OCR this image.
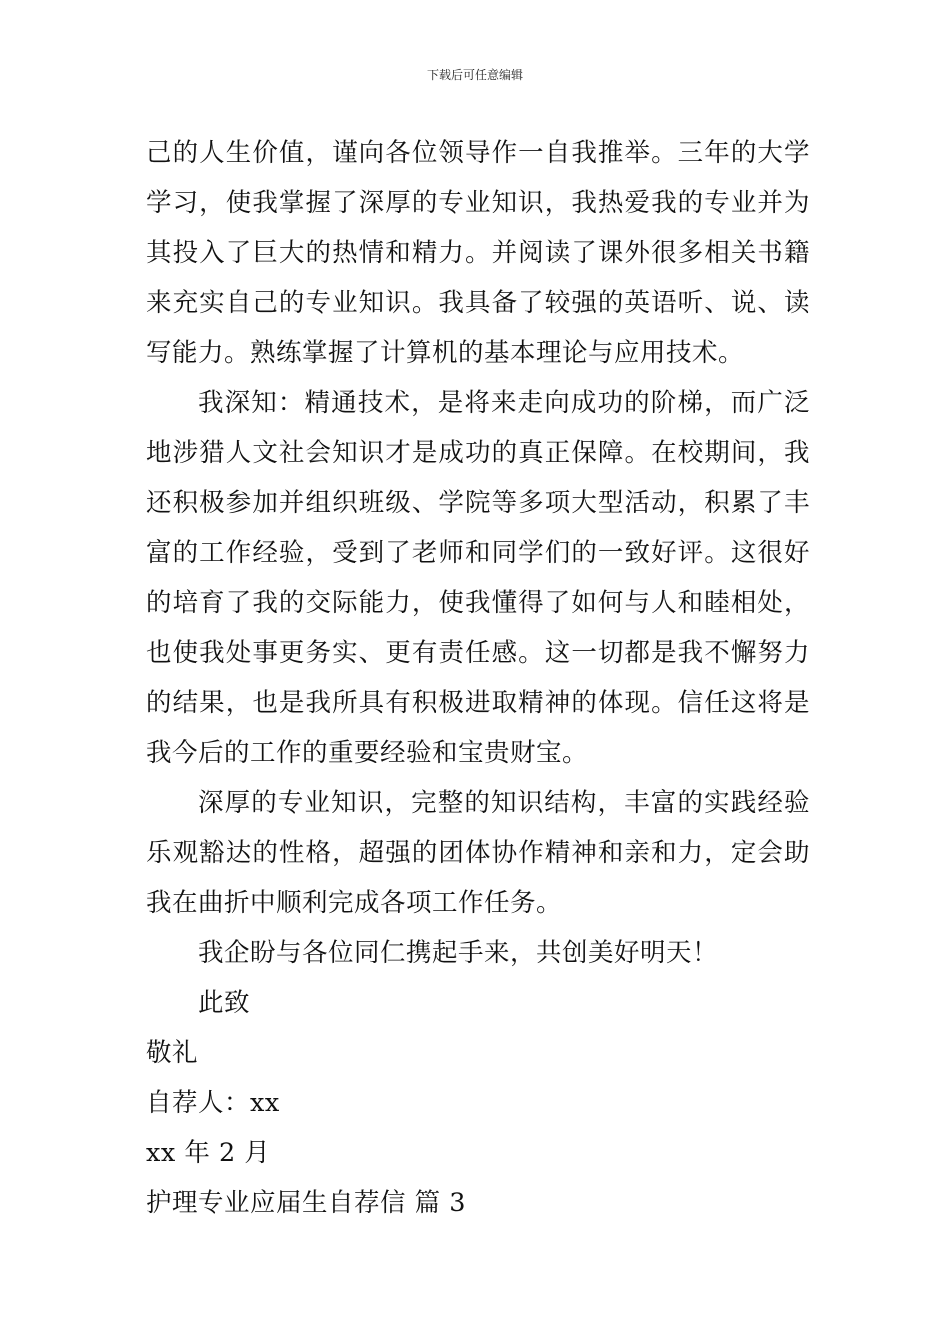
下载后可任意编辑

己的人生价值，谨向各位领导作一自我推举。三年的大学学习，使我掌握了深厚的专业知识，我热爱我的专业并为其投入了巨大的热情和精力。并阅读了课外很多相关书籍来充实自己的专业知识。我具备了较强的英语听、说、读写能力。熟练掌握了计算机的基本理论与应用技术。

我深知：精通技术，是将来走向成功的阶梯，而广泛地涉猎人文社会知识才是成功的真正保障。在校期间，我还积极参加并组织班级、学院等多项大型活动，积累了丰富的工作经验，受到了老师和同学们的一致好评。这很好的培育了我的交际能力，使我懂得了如何与人和睦相处，也使我处事更务实、更有责任感。这一切都是我不懈努力的结果，也是我所具有积极进取精神的体现。信任这将是我今后的工作的重要经验和宝贵财宝。

深厚的专业知识，完整的知识结构，丰富的实践经验乐观豁达的性格，超强的团体协作精神和亲和力，定会助我在曲折中顺利完成各项工作任务。

我企盼与各位同仁携起手来，共创美好明天！

此致

敬礼

自荐人：xx

xx 年 2 月

护理专业应届生自荐信 篇 3
